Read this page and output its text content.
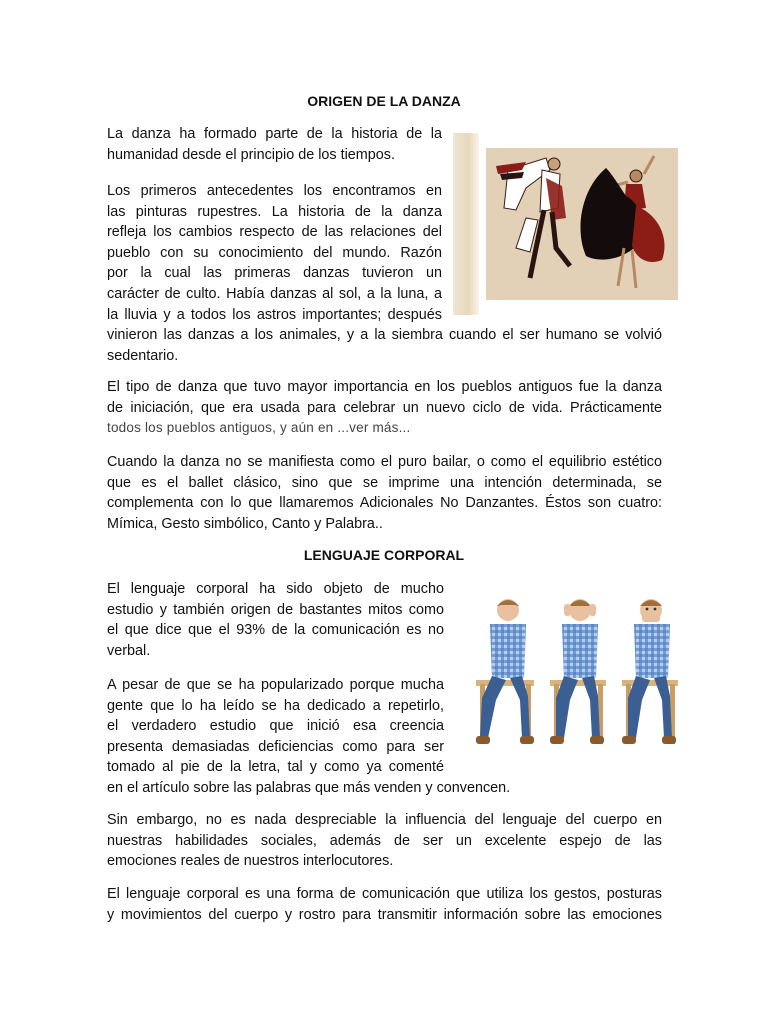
ORIGEN DE LA DANZA

La danza ha formado parte de la historia de la
humanidad desde el principio de los tiempos.

Los primeros antecedentes los encontramos en
las pinturas rupestres. La historia de la danza
refleja los cambios respecto de las relaciones del
pueblo con su conocimiento del mundo. Razón
por la cual las primeras danzas tuvieron un
carácter de culto. Había danzas al sol, a la luna, a
la lluvia y a todos los astros importantes; después
vinieron las danzas a los animales, y a la siembra cuando el ser humano se volvió
sedentario.

El tipo de danza que tuvo mayor importancia en los pueblos antiguos fue la danza
de iniciación, que era usada para celebrar un nuevo ciclo de vida. Prácticamente
todos los pueblos antiguos, y aún en ...ver más...

Cuando la danza no se manifiesta como el puro bailar, o como el equilibrio estético
que es el ballet clásico, sino que se imprime una intención determinada, se
complementa con lo que llamaremos Adicionales No Danzantes. Éstos son cuatro:
Mímica, Gesto simbólico, Canto y Palabra..

LENGUAJE CORPORAL

El lenguaje corporal ha sido objeto de mucho
estudio y también origen de bastantes mitos como
el que dice que el 93% de la comunicación es no
verbal.

A pesar de que se ha popularizado porque mucha
gente que lo ha leído se ha dedicado a repetirlo,
el verdadero estudio que inició esa creencia
presenta demasiadas deficiencias como para ser
tomado al pie de la letra, tal y como ya comenté
en el artículo sobre las palabras que más venden y convencen.

Sin embargo, no es nada despreciable la influencia del lenguaje del cuerpo en
nuestras habilidades sociales, además de ser un excelente espejo de las
emociones reales de nuestros interlocutores.

El lenguaje corporal es una forma de comunicación que utiliza los gestos, posturas
y movimientos del cuerpo y rostro para transmitir información sobre las emociones
